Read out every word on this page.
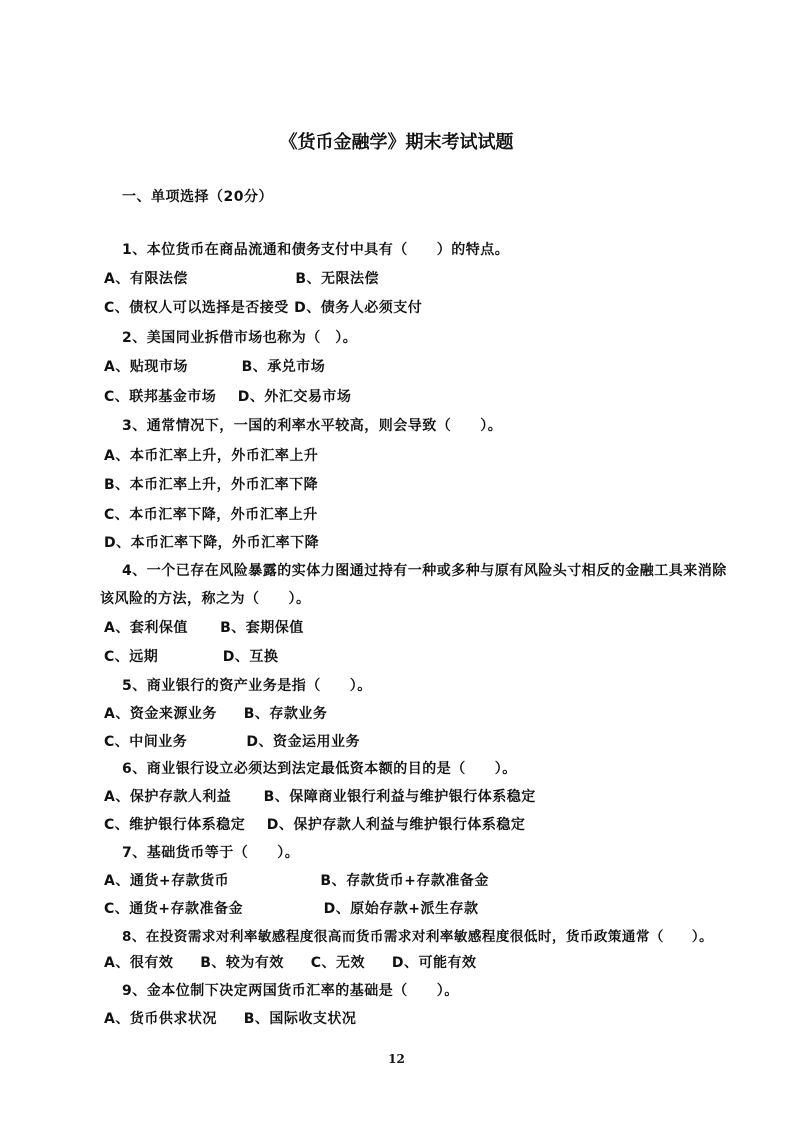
《货币金融学》期末考试试题
一、单项选择（20分）
1、本位货币在商品流通和债务支付中具有（　　）的特点。
A、有限法偿                    B、无限法偿
C、债权人可以选择是否接受 D、债务人必须支付
2、美国同业拆借市场也称为（　）。
A、贴现市场          B、承兑市场
C、联邦基金市场    D、外汇交易市场
3、通常情况下，一国的利率水平较高，则会导致（　　）。
A、本币汇率上升，外币汇率上升
B、本币汇率上升，外币汇率下降
C、本币汇率下降，外币汇率上升
D、本币汇率下降，外币汇率下降
4、一个已存在风险暴露的实体力图通过持有一种或多种与原有风险头寸相反的金融工具来消除
该风险的方法，称之为（　　）。
A、套利保值      B、套期保值
C、远期            D、互换
5、商业银行的资产业务是指（　　）。
A、资金来源业务     B、存款业务
C、中间业务           D、资金运用业务
6、商业银行设立必须达到法定最低资本额的目的是（　　）。
A、保护存款人利益      B、保障商业银行利益与维护银行体系稳定
C、维护银行体系稳定    D、保护存款人利益与维护银行体系稳定
7、基础货币等于（　　）。
A、通货+存款货币                 B、存款货币+存款准备金
C、通货+存款准备金               D、原始存款+派生存款
8、在投资需求对利率敏感程度很高而货币需求对利率敏感程度很低时，货币政策通常（　　）。
A、很有效     B、较为有效     C、无效     D、可能有效
9、金本位制下决定两国货币汇率的基础是（　　）。
A、货币供求状况     B、国际收支状况
12
